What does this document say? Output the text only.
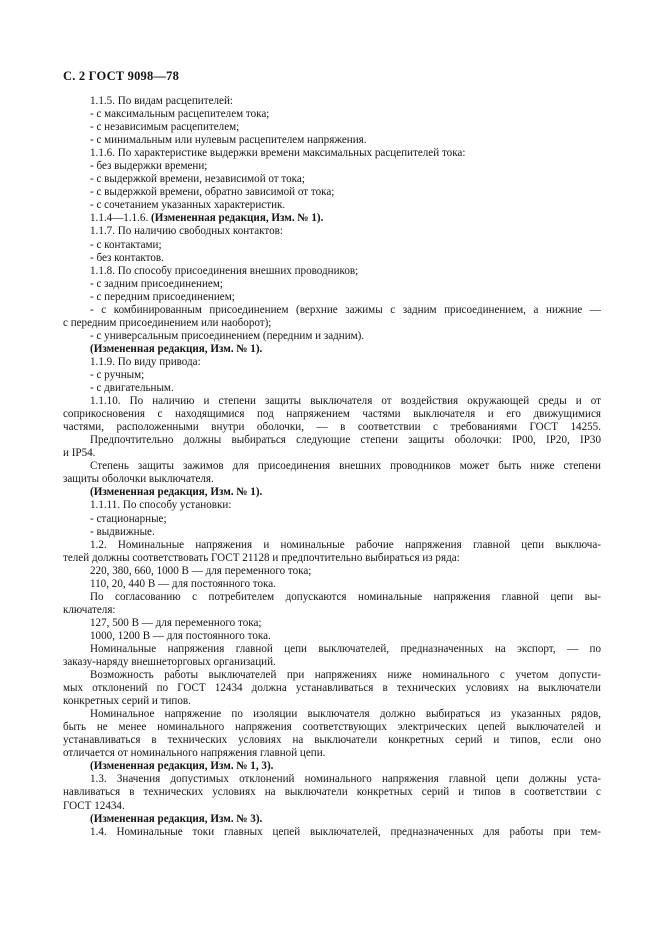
С. 2 ГОСТ 9098—78
1.1.5. По видам расцепителей:
- с максимальным расцепителем тока;
- с независимым расцепителем;
- с минимальным или нулевым расцепителем напряжения.
1.1.6. По характеристике выдержки времени максимальных расцепителей тока:
- без выдержки времени;
- с выдержкой времени, независимой от тока;
- с выдержкой времени, обратно зависимой от тока;
- с сочетанием указанных характеристик.
1.1.4—1.1.6. (Измененная редакция, Изм. № 1).
1.1.7. По наличию свободных контактов:
- с контактами;
- без контактов.
1.1.8. По способу присоединения внешних проводников;
- с задним присоединением;
- с передним присоединением;
- с комбинированным присоединением (верхние зажимы с задним присоединением, а нижние —
с передним присоединением или наоборот);
- с универсальным присоединением (передним и задним).
(Измененная редакция, Изм. № 1).
1.1.9. По виду привода:
- с ручным;
- с двигательным.
1.1.10. По наличию и степени защиты выключателя от воздействия окружающей среды и от
соприкосновения с находящимися под напряжением частями выключателя и его движущимися
частями, расположенными внутри оболочки, — в соответствии с требованиями ГОСТ 14255.
Предпочтительно должны выбираться следующие степени защиты оболочки: IP00, IP20, IP30
и IP54.
Степень защиты зажимов для присоединения внешних проводников может быть ниже степени
защиты оболочки выключателя.
(Измененная редакция, Изм. № 1).
1.1.11. По способу установки:
- стационарные;
- выдвижные.
1.2. Номинальные напряжения и номинальные рабочие напряжения главной цепи выключа-
телей должны соответствовать ГОСТ 21128 и предпочтительно выбираться из ряда:
220, 380, 660, 1000 В — для переменного тока;
110, 20, 440 В — для постоянного тока.
По согласованию с потребителем допускаются номинальные напряжения главной цепи вы-
ключателя:
127, 500 В — для переменного тока;
1000, 1200 В — для постоянного тока.
Номинальные напряжения главной цепи выключателей, предназначенных на экспорт, — по
заказу-наряду внешнеторговых организаций.
Возможность работы выключателей при напряжениях ниже номинального с учетом допусти-
мых отклонений по ГОСТ 12434 должна устанавливаться в технических условиях на выключатели
конкретных серий и типов.
Номинальное напряжение по изоляции выключателя должно выбираться из указанных рядов,
быть не менее номинального напряжения соответствующих электрических цепей выключателей и
устанавливаться в технических условиях на выключатели конкретных серий и типов, если оно
отличается от номинального напряжения главной цепи.
(Измененная редакция, Изм. № 1, 3).
1.3. Значения допустимых отклонений номинального напряжения главной цепи должны уста-
навливаться в технических условиях на выключатели конкретных серий и типов в соответствии с
ГОСТ 12434.
(Измененная редакция, Изм. № 3).
1.4. Номинальные токи главных цепей выключателей, предназначенных для работы при тем-
